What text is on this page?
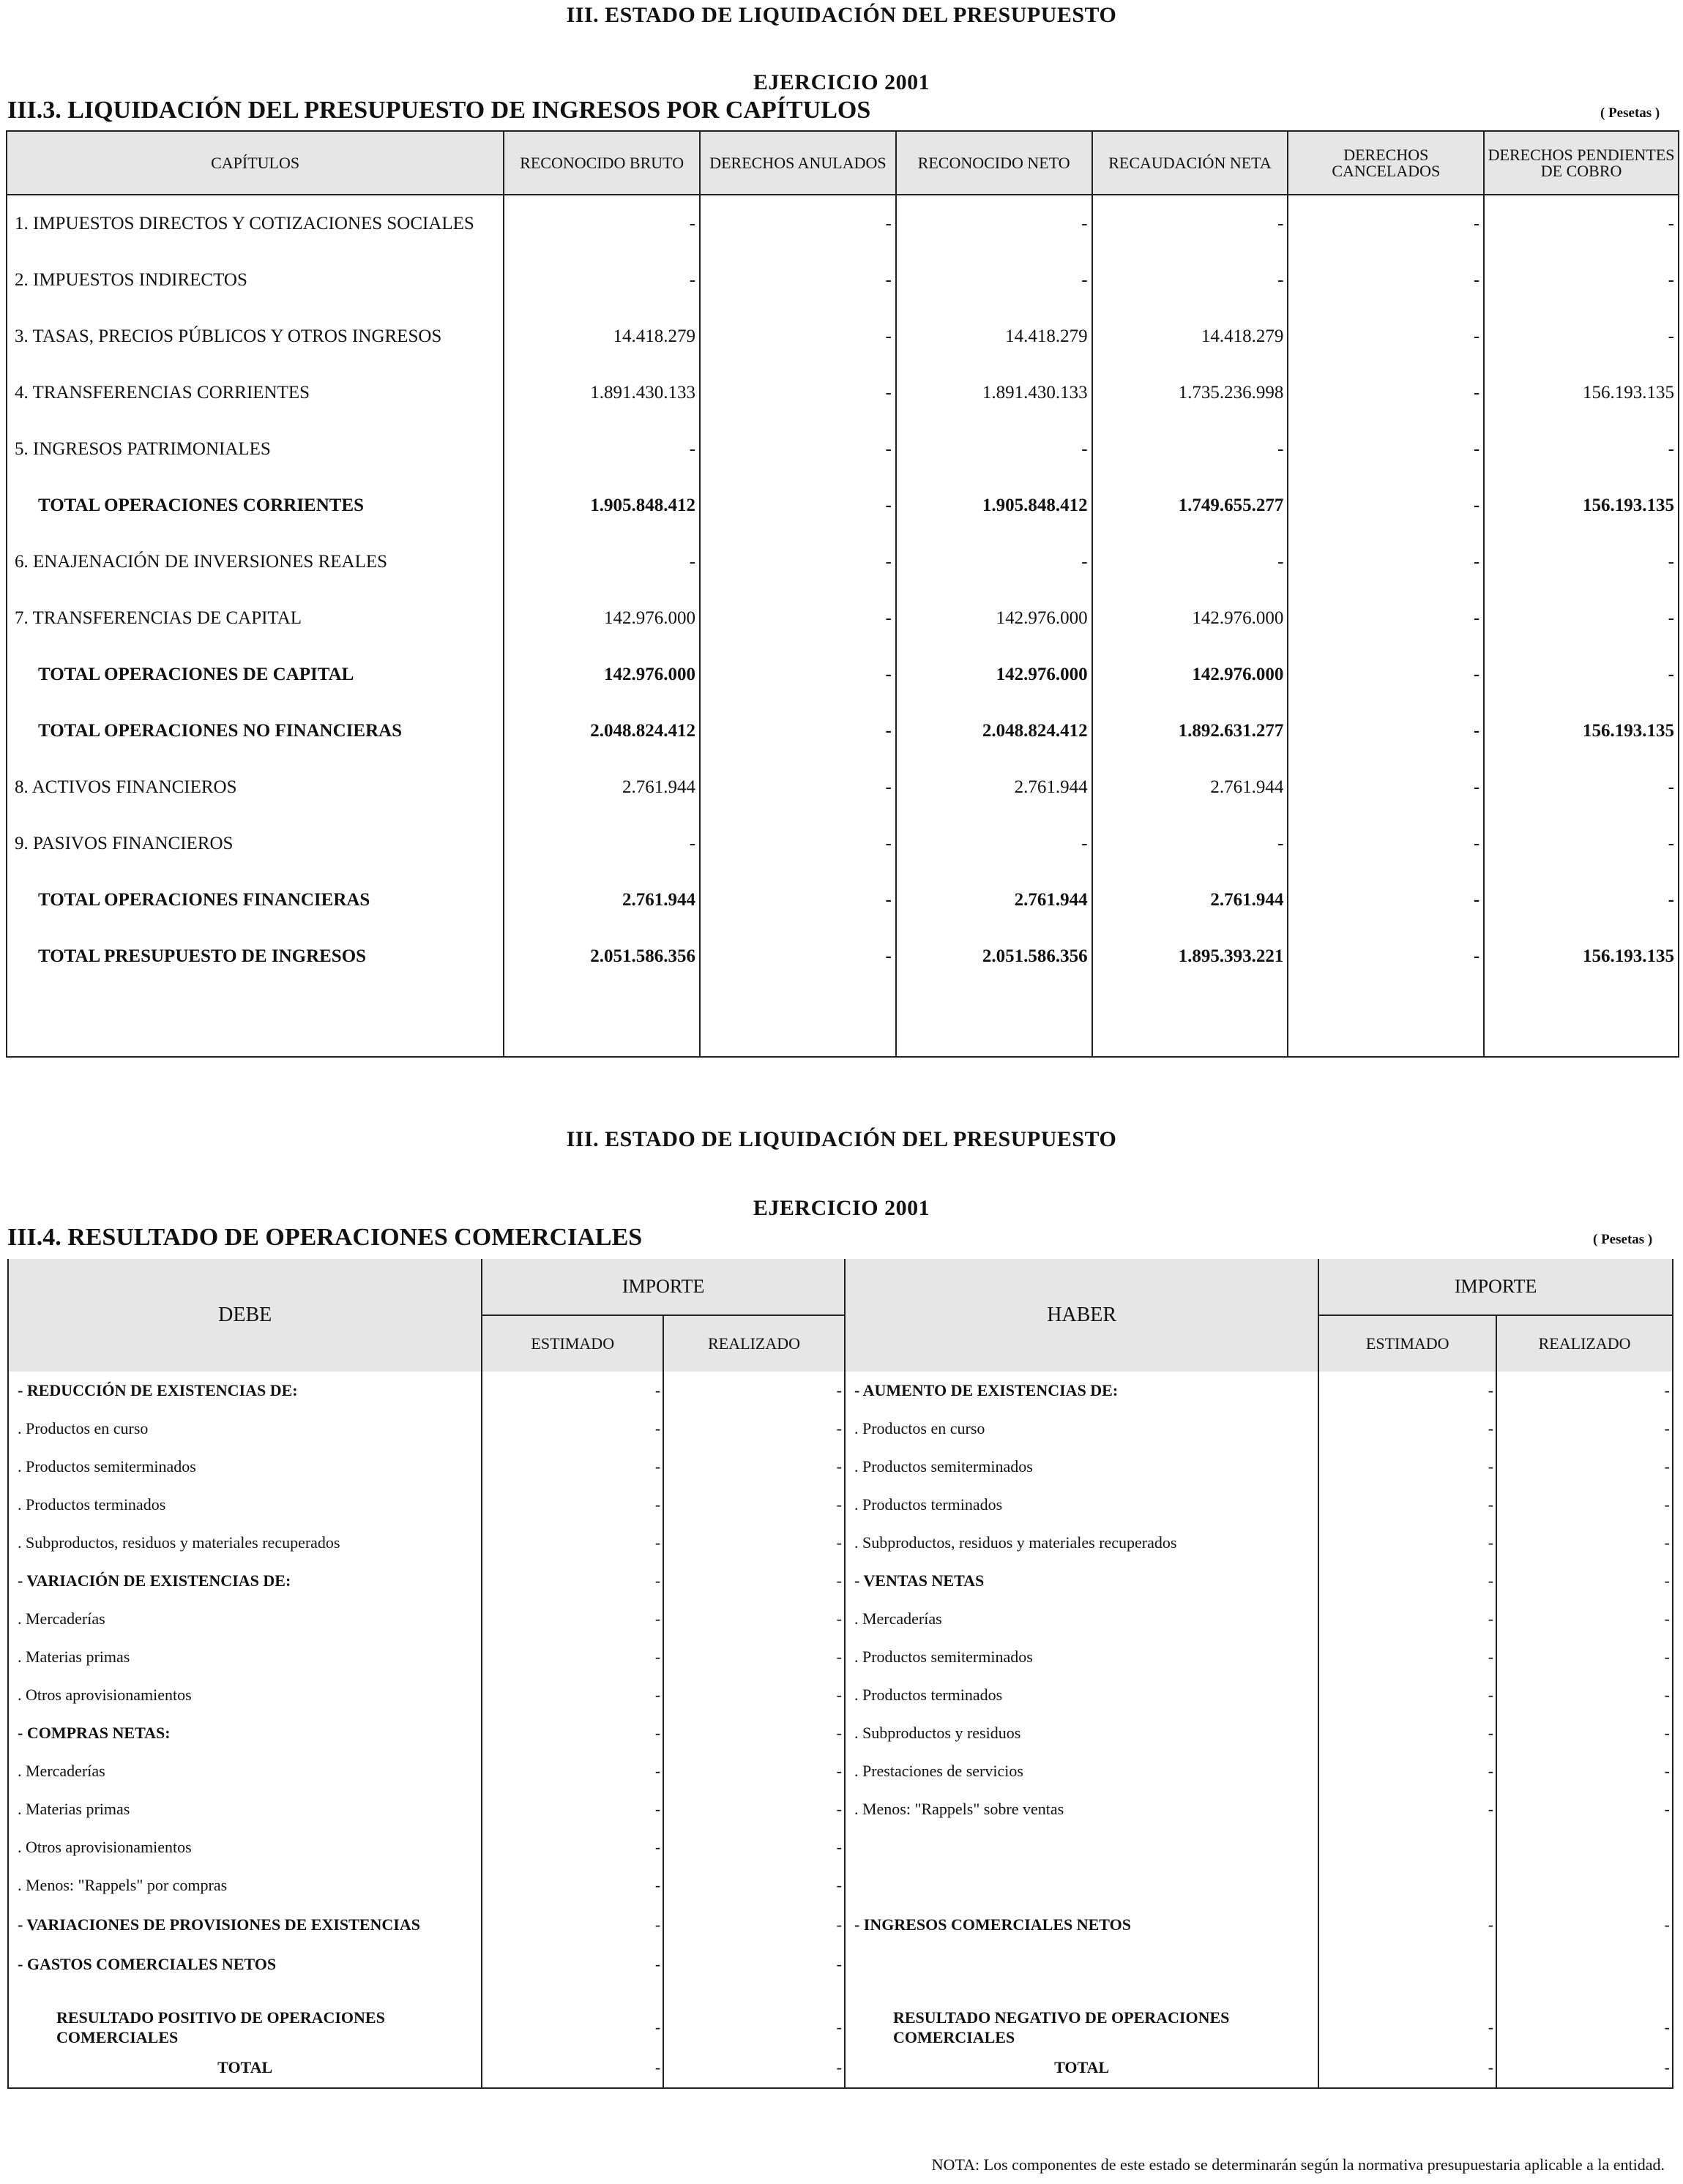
III. ESTADO DE LIQUIDACIÓN DEL PRESUPUESTO
EJERCICIO 2001
III.3. LIQUIDACIÓN DEL PRESUPUESTO DE INGRESOS POR CAPÍTULOS	( Pesetas )
CAPÍTULOS	RECONOCIDO BRUTO	DERECHOS ANULADOS	RECONOCIDO NETO	RECAUDACIÓN NETA	DERECHOS CANCELADOS	DERECHOS PENDIENTES DE COBRO
1. IMPUESTOS DIRECTOS Y COTIZACIONES SOCIALES	-	-	-	-	-	-
2. IMPUESTOS INDIRECTOS	-	-	-	-	-	-
3. TASAS, PRECIOS PÚBLICOS Y OTROS INGRESOS	14.418.279	-	14.418.279	14.418.279	-	-
4. TRANSFERENCIAS CORRIENTES	1.891.430.133	-	1.891.430.133	1.735.236.998	-	156.193.135
5. INGRESOS PATRIMONIALES	-	-	-	-	-	-
TOTAL OPERACIONES CORRIENTES	1.905.848.412	-	1.905.848.412	1.749.655.277	-	156.193.135
6. ENAJENACIÓN DE INVERSIONES REALES	-	-	-	-	-	-
7. TRANSFERENCIAS DE CAPITAL	142.976.000	-	142.976.000	142.976.000	-	-
TOTAL OPERACIONES DE CAPITAL	142.976.000	-	142.976.000	142.976.000	-	-
TOTAL OPERACIONES NO FINANCIERAS	2.048.824.412	-	2.048.824.412	1.892.631.277	-	156.193.135
8. ACTIVOS FINANCIEROS	2.761.944	-	2.761.944	2.761.944	-	-
9. PASIVOS FINANCIEROS	-	-	-	-	-	-
TOTAL OPERACIONES FINANCIERAS	2.761.944	-	2.761.944	2.761.944	-	-
TOTAL PRESUPUESTO DE INGRESOS	2.051.586.356	-	2.051.586.356	1.895.393.221	-	156.193.135

III. ESTADO DE LIQUIDACIÓN DEL PRESUPUESTO
EJERCICIO 2001
III.4. RESULTADO DE OPERACIONES COMERCIALES	( Pesetas )
DEBE	IMPORTE		HABER	IMPORTE	
	ESTIMADO	REALIZADO		ESTIMADO	REALIZADO
- REDUCCIÓN DE EXISTENCIAS DE:	-	-	- AUMENTO DE EXISTENCIAS DE:	-	-
. Productos en curso	-	-	. Productos en curso	-	-
. Productos semiterminados	-	-	. Productos semiterminados	-	-
. Productos terminados	-	-	. Productos terminados	-	-
. Subproductos, residuos y materiales recuperados	-	-	. Subproductos, residuos y materiales recuperados	-	-
- VARIACIÓN DE EXISTENCIAS DE:	-	-	- VENTAS NETAS	-	-
. Mercaderías	-	-	. Mercaderías	-	-
. Materias primas	-	-	. Productos semiterminados	-	-
. Otros aprovisionamientos	-	-	. Productos terminados	-	-
- COMPRAS NETAS:	-	-	. Subproductos y residuos	-	-
. Mercaderías	-	-	. Prestaciones de servicios	-	-
. Materias primas	-	-	. Menos: "Rappels" sobre ventas	-	-
. Otros aprovisionamientos	-	-			
. Menos: "Rappels" por compras	-	-			
- VARIACIONES DE PROVISIONES DE EXISTENCIAS	-	-	- INGRESOS COMERCIALES NETOS	-	-
- GASTOS COMERCIALES NETOS	-	-			

RESULTADO POSITIVO DE OPERACIONES COMERCIALES	-	-	RESULTADO NEGATIVO DE OPERACIONES COMERCIALES	-	-
TOTAL	-	-	TOTAL	-	-
NOTA: Los componentes de este estado se determinarán según la normativa presupuestaria aplicable a la entidad.
